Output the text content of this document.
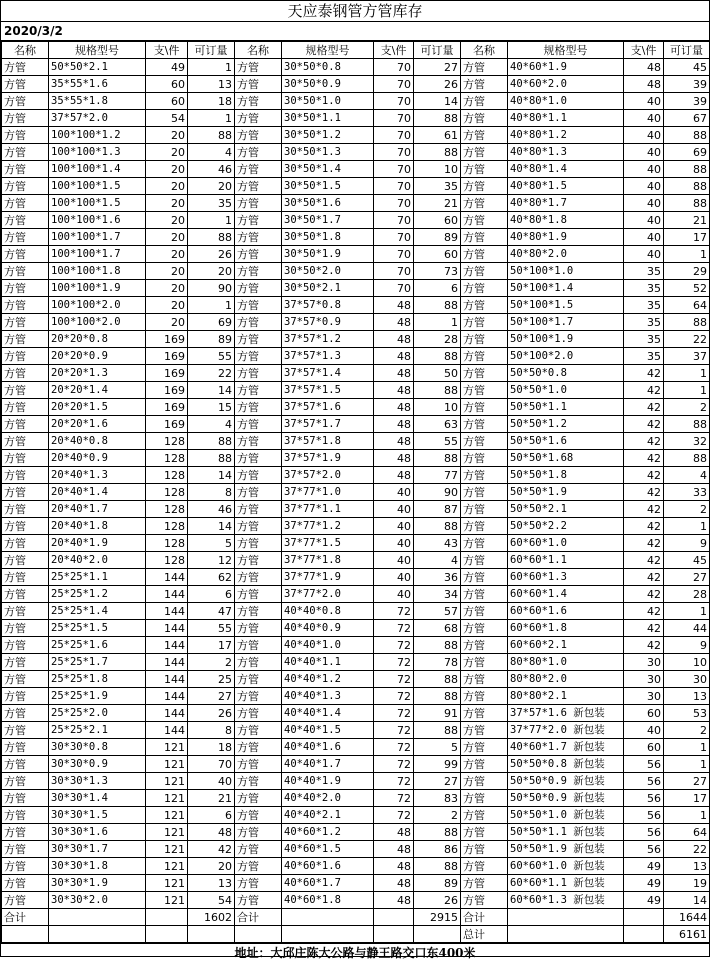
天应泰钢管方管库存
2020/3/2
名称	规格型号	支\件	可订量	名称	规格型号	支\件	可订量	名称	规格型号	支\件	可订量
方管	50*50*2.1	49	1	方管	30*50*0.8	70	27	方管	40*60*1.9	48	45
方管	35*55*1.6	60	13	方管	30*50*0.9	70	26	方管	40*60*2.0	48	39
方管	35*55*1.8	60	18	方管	30*50*1.0	70	14	方管	40*80*1.0	40	39
方管	37*57*2.0	54	1	方管	30*50*1.1	70	88	方管	40*80*1.1	40	67
方管	100*100*1.2	20	88	方管	30*50*1.2	70	61	方管	40*80*1.2	40	88
方管	100*100*1.3	20	4	方管	30*50*1.3	70	88	方管	40*80*1.3	40	69
方管	100*100*1.4	20	46	方管	30*50*1.4	70	10	方管	40*80*1.4	40	88
方管	100*100*1.5	20	20	方管	30*50*1.5	70	35	方管	40*80*1.5	40	88
方管	100*100*1.5	20	35	方管	30*50*1.6	70	21	方管	40*80*1.7	40	88
方管	100*100*1.6	20	1	方管	30*50*1.7	70	60	方管	40*80*1.8	40	21
方管	100*100*1.7	20	88	方管	30*50*1.8	70	89	方管	40*80*1.9	40	17
方管	100*100*1.7	20	26	方管	30*50*1.9	70	60	方管	40*80*2.0	40	1
方管	100*100*1.8	20	20	方管	30*50*2.0	70	73	方管	50*100*1.0	35	29
方管	100*100*1.9	20	90	方管	30*50*2.1	70	6	方管	50*100*1.4	35	52
方管	100*100*2.0	20	1	方管	37*57*0.8	48	88	方管	50*100*1.5	35	64
方管	100*100*2.0	20	69	方管	37*57*0.9	48	1	方管	50*100*1.7	35	88
方管	20*20*0.8	169	89	方管	37*57*1.2	48	28	方管	50*100*1.9	35	22
方管	20*20*0.9	169	55	方管	37*57*1.3	48	88	方管	50*100*2.0	35	37
方管	20*20*1.3	169	22	方管	37*57*1.4	48	50	方管	50*50*0.8	42	1
方管	20*20*1.4	169	14	方管	37*57*1.5	48	88	方管	50*50*1.0	42	1
方管	20*20*1.5	169	15	方管	37*57*1.6	48	10	方管	50*50*1.1	42	2
方管	20*20*1.6	169	4	方管	37*57*1.7	48	63	方管	50*50*1.2	42	88
方管	20*40*0.8	128	88	方管	37*57*1.8	48	55	方管	50*50*1.6	42	32
方管	20*40*0.9	128	88	方管	37*57*1.9	48	88	方管	50*50*1.68	42	88
方管	20*40*1.3	128	14	方管	37*57*2.0	48	77	方管	50*50*1.8	42	4
方管	20*40*1.4	128	8	方管	37*77*1.0	40	90	方管	50*50*1.9	42	33
方管	20*40*1.7	128	46	方管	37*77*1.1	40	87	方管	50*50*2.1	42	2
方管	20*40*1.8	128	14	方管	37*77*1.2	40	88	方管	50*50*2.2	42	1
方管	20*40*1.9	128	5	方管	37*77*1.5	40	43	方管	60*60*1.0	42	9
方管	20*40*2.0	128	12	方管	37*77*1.8	40	4	方管	60*60*1.1	42	45
方管	25*25*1.1	144	62	方管	37*77*1.9	40	36	方管	60*60*1.3	42	27
方管	25*25*1.2	144	6	方管	37*77*2.0	40	34	方管	60*60*1.4	42	28
方管	25*25*1.4	144	47	方管	40*40*0.8	72	57	方管	60*60*1.6	42	1
方管	25*25*1.5	144	55	方管	40*40*0.9	72	68	方管	60*60*1.8	42	44
方管	25*25*1.6	144	17	方管	40*40*1.0	72	88	方管	60*60*2.1	42	9
方管	25*25*1.7	144	2	方管	40*40*1.1	72	78	方管	80*80*1.0	30	10
方管	25*25*1.8	144	25	方管	40*40*1.2	72	88	方管	80*80*2.0	30	30
方管	25*25*1.9	144	27	方管	40*40*1.3	72	88	方管	80*80*2.1	30	13
方管	25*25*2.0	144	26	方管	40*40*1.4	72	91	方管	37*57*1.6 新包装	60	53
方管	25*25*2.1	144	8	方管	40*40*1.5	72	88	方管	37*77*2.0 新包装	40	2
方管	30*30*0.8	121	18	方管	40*40*1.6	72	5	方管	40*60*1.7 新包装	60	1
方管	30*30*0.9	121	70	方管	40*40*1.7	72	99	方管	50*50*0.8 新包装	56	1
方管	30*30*1.3	121	40	方管	40*40*1.9	72	27	方管	50*50*0.9 新包装	56	27
方管	30*30*1.4	121	21	方管	40*40*2.0	72	83	方管	50*50*0.9 新包装	56	17
方管	30*30*1.5	121	6	方管	40*40*2.1	72	2	方管	50*50*1.0 新包装	56	1
方管	30*30*1.6	121	48	方管	40*60*1.2	48	88	方管	50*50*1.1 新包装	56	64
方管	30*30*1.7	121	42	方管	40*60*1.5	48	86	方管	50*50*1.9 新包装	56	22
方管	30*30*1.8	121	20	方管	40*60*1.6	48	88	方管	60*60*1.0 新包装	49	13
方管	30*30*1.9	121	13	方管	40*60*1.7	48	89	方管	60*60*1.1 新包装	49	19
方管	30*30*2.0	121	54	方管	40*60*1.8	48	26	方管	60*60*1.3 新包装	49	14
合计			1602	合计			2915	合计			1644
								总计			6161
地址：大邱庄陈大公路与静王路交口东400米
